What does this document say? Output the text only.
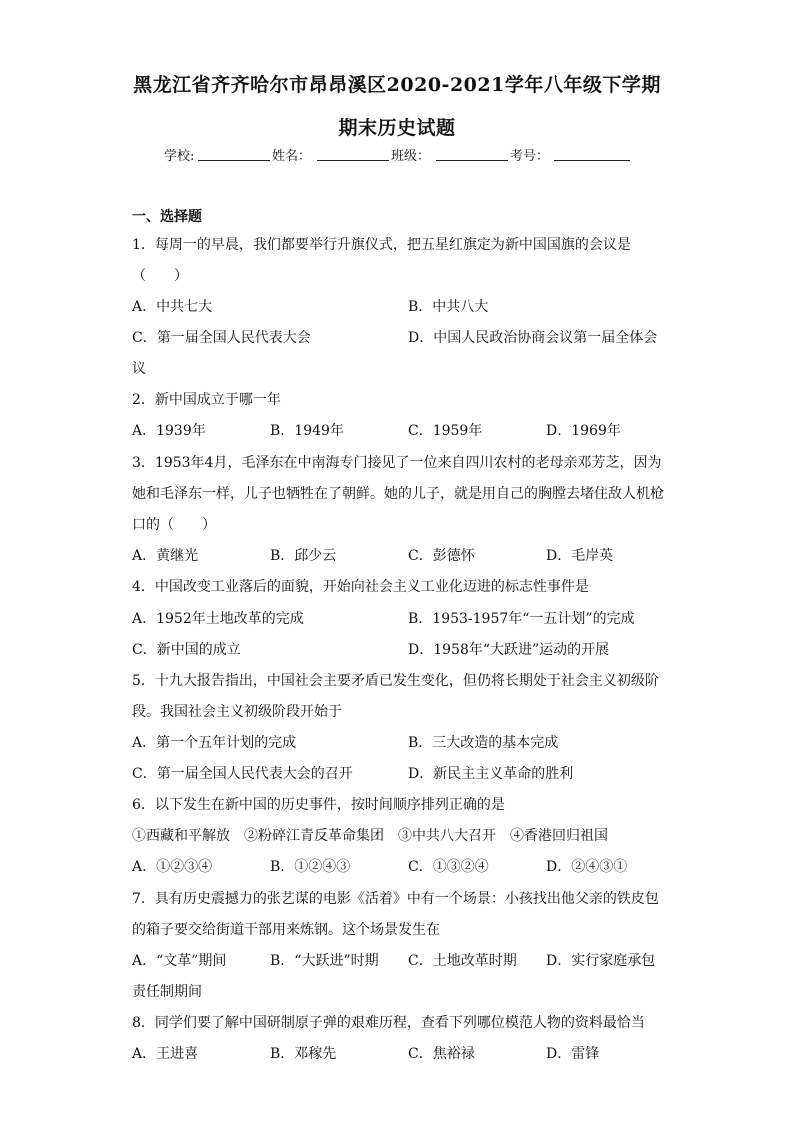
黑龙江省齐齐哈尔市昂昂溪区2020-2021学年八年级下学期
期末历史试题
学校:	姓名：	班级：	考号：
一、选择题
1．每周一的早晨，我们都要举行升旗仪式，把五星红旗定为新中国国旗的会议是
（　　）
A．中共七大	B．中共八大
C．第一届全国人民代表大会	D．中国人民政治协商会议第一届全体会
议
2．新中国成立于哪一年
A．1939年	B．1949年	C．1959年	D．1969年
3．1953年4月，毛泽东在中南海专门接见了一位来自四川农村的老母亲邓芳芝，因为
她和毛泽东一样，儿子也牺牲在了朝鲜。她的儿子，就是用自己的胸膛去堵住敌人机枪
口的（　　）
A．黄继光	B．邱少云	C．彭德怀	D．毛岸英
4．中国改变工业落后的面貌，开始向社会主义工业化迈进的标志性事件是
A．1952年土地改革的完成	B．1953-1957年“一五计划”的完成
C．新中国的成立	D．1958年“大跃进”运动的开展
5．十九大报告指出，中国社会主要矛盾已发生变化，但仍将长期处于社会主义初级阶
段。我国社会主义初级阶段开始于
A．第一个五年计划的完成	B．三大改造的基本完成
C．第一届全国人民代表大会的召开	D．新民主主义革命的胜利
6．以下发生在新中国的历史事件，按时间顺序排列正确的是
①西藏和平解放　②粉碎江青反革命集团　③中共八大召开　④香港回归祖国
A．①②③④	B．①②④③	C．①③②④	D．②④③①
7．具有历史震撼力的张艺谋的电影《活着》中有一个场景：小孩找出他父亲的铁皮包
的箱子要交给街道干部用来炼钢。这个场景发生在
A．“文革”期间	B．“大跃进”时期 C．土地改革时期 D．实行家庭承包
责任制期间
8．同学们要了解中国研制原子弹的艰难历程，查看下列哪位模范人物的资料最恰当
A．王进喜	B．邓稼先	C．焦裕禄	D．雷锋
